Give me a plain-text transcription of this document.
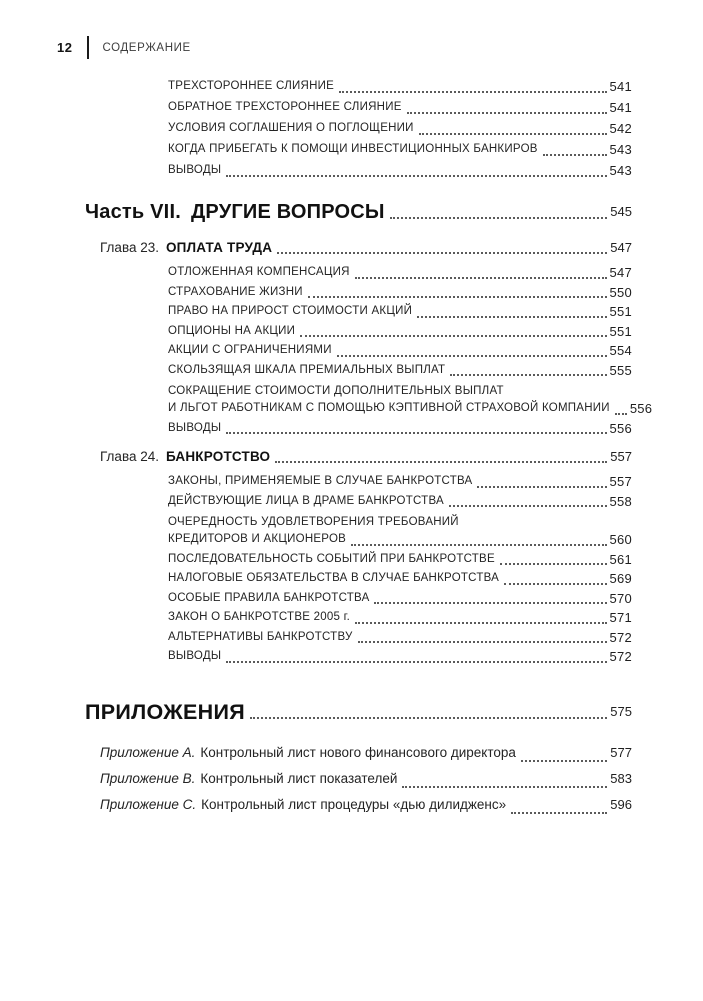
12	СОДЕРЖАНИЕ
ТРЕХСТОРОННЕЕ СЛИЯНИЕ	541
ОБРАТНОЕ ТРЕХСТОРОННЕЕ СЛИЯНИЕ	541
УСЛОВИЯ СОГЛАШЕНИЯ О ПОГЛОЩЕНИИ	542
КОГДА ПРИБЕГАТЬ К ПОМОЩИ ИНВЕСТИЦИОННЫХ БАНКИРОВ	543
ВЫВОДЫ	543
Часть VII. ДРУГИЕ ВОПРОСЫ	545
Глава 23. ОПЛАТА ТРУДА	547
ОТЛОЖЕННАЯ КОМПЕНСАЦИЯ	547
СТРАХОВАНИЕ ЖИЗНИ	550
ПРАВО НА ПРИРОСТ СТОИМОСТИ АКЦИЙ	551
ОПЦИОНЫ НА АКЦИИ	551
АКЦИИ С ОГРАНИЧЕНИЯМИ	554
СКОЛЬЗЯЩАЯ ШКАЛА ПРЕМИАЛЬНЫХ ВЫПЛАТ	555
СОКРАЩЕНИЕ СТОИМОСТИ ДОПОЛНИТЕЛЬНЫХ ВЫПЛАТ
И ЛЬГОТ РАБОТНИКАМ С ПОМОЩЬЮ КЭПТИВНОЙ СТРАХОВОЙ КОМПАНИИ 556
ВЫВОДЫ	556
Глава 24. БАНКРОТСТВО	557
ЗАКОНЫ, ПРИМЕНЯЕМЫЕ В СЛУЧАЕ БАНКРОТСТВА	557
ДЕЙСТВУЮЩИЕ ЛИЦА В ДРАМЕ БАНКРОТСТВА	558
ОЧЕРЕДНОСТЬ УДОВЛЕТВОРЕНИЯ ТРЕБОВАНИЙ
КРЕДИТОРОВ И АКЦИОНЕРОВ	560
ПОСЛЕДОВАТЕЛЬНОСТЬ СОБЫТИЙ ПРИ БАНКРОТСТВЕ	561
НАЛОГОВЫЕ ОБЯЗАТЕЛЬСТВА В СЛУЧАЕ БАНКРОТСТВА	569
ОСОБЫЕ ПРАВИЛА БАНКРОТСТВА	570
ЗАКОН О БАНКРОТСТВЕ 2005 г.	571
АЛЬТЕРНАТИВЫ БАНКРОТСТВУ	572
ВЫВОДЫ	572
ПРИЛОЖЕНИЯ	575
Приложение A. Контрольный лист нового финансового директора	577
Приложение B. Контрольный лист показателей	583
Приложение C. Контрольный лист процедуры «дью дилидженс»	596
